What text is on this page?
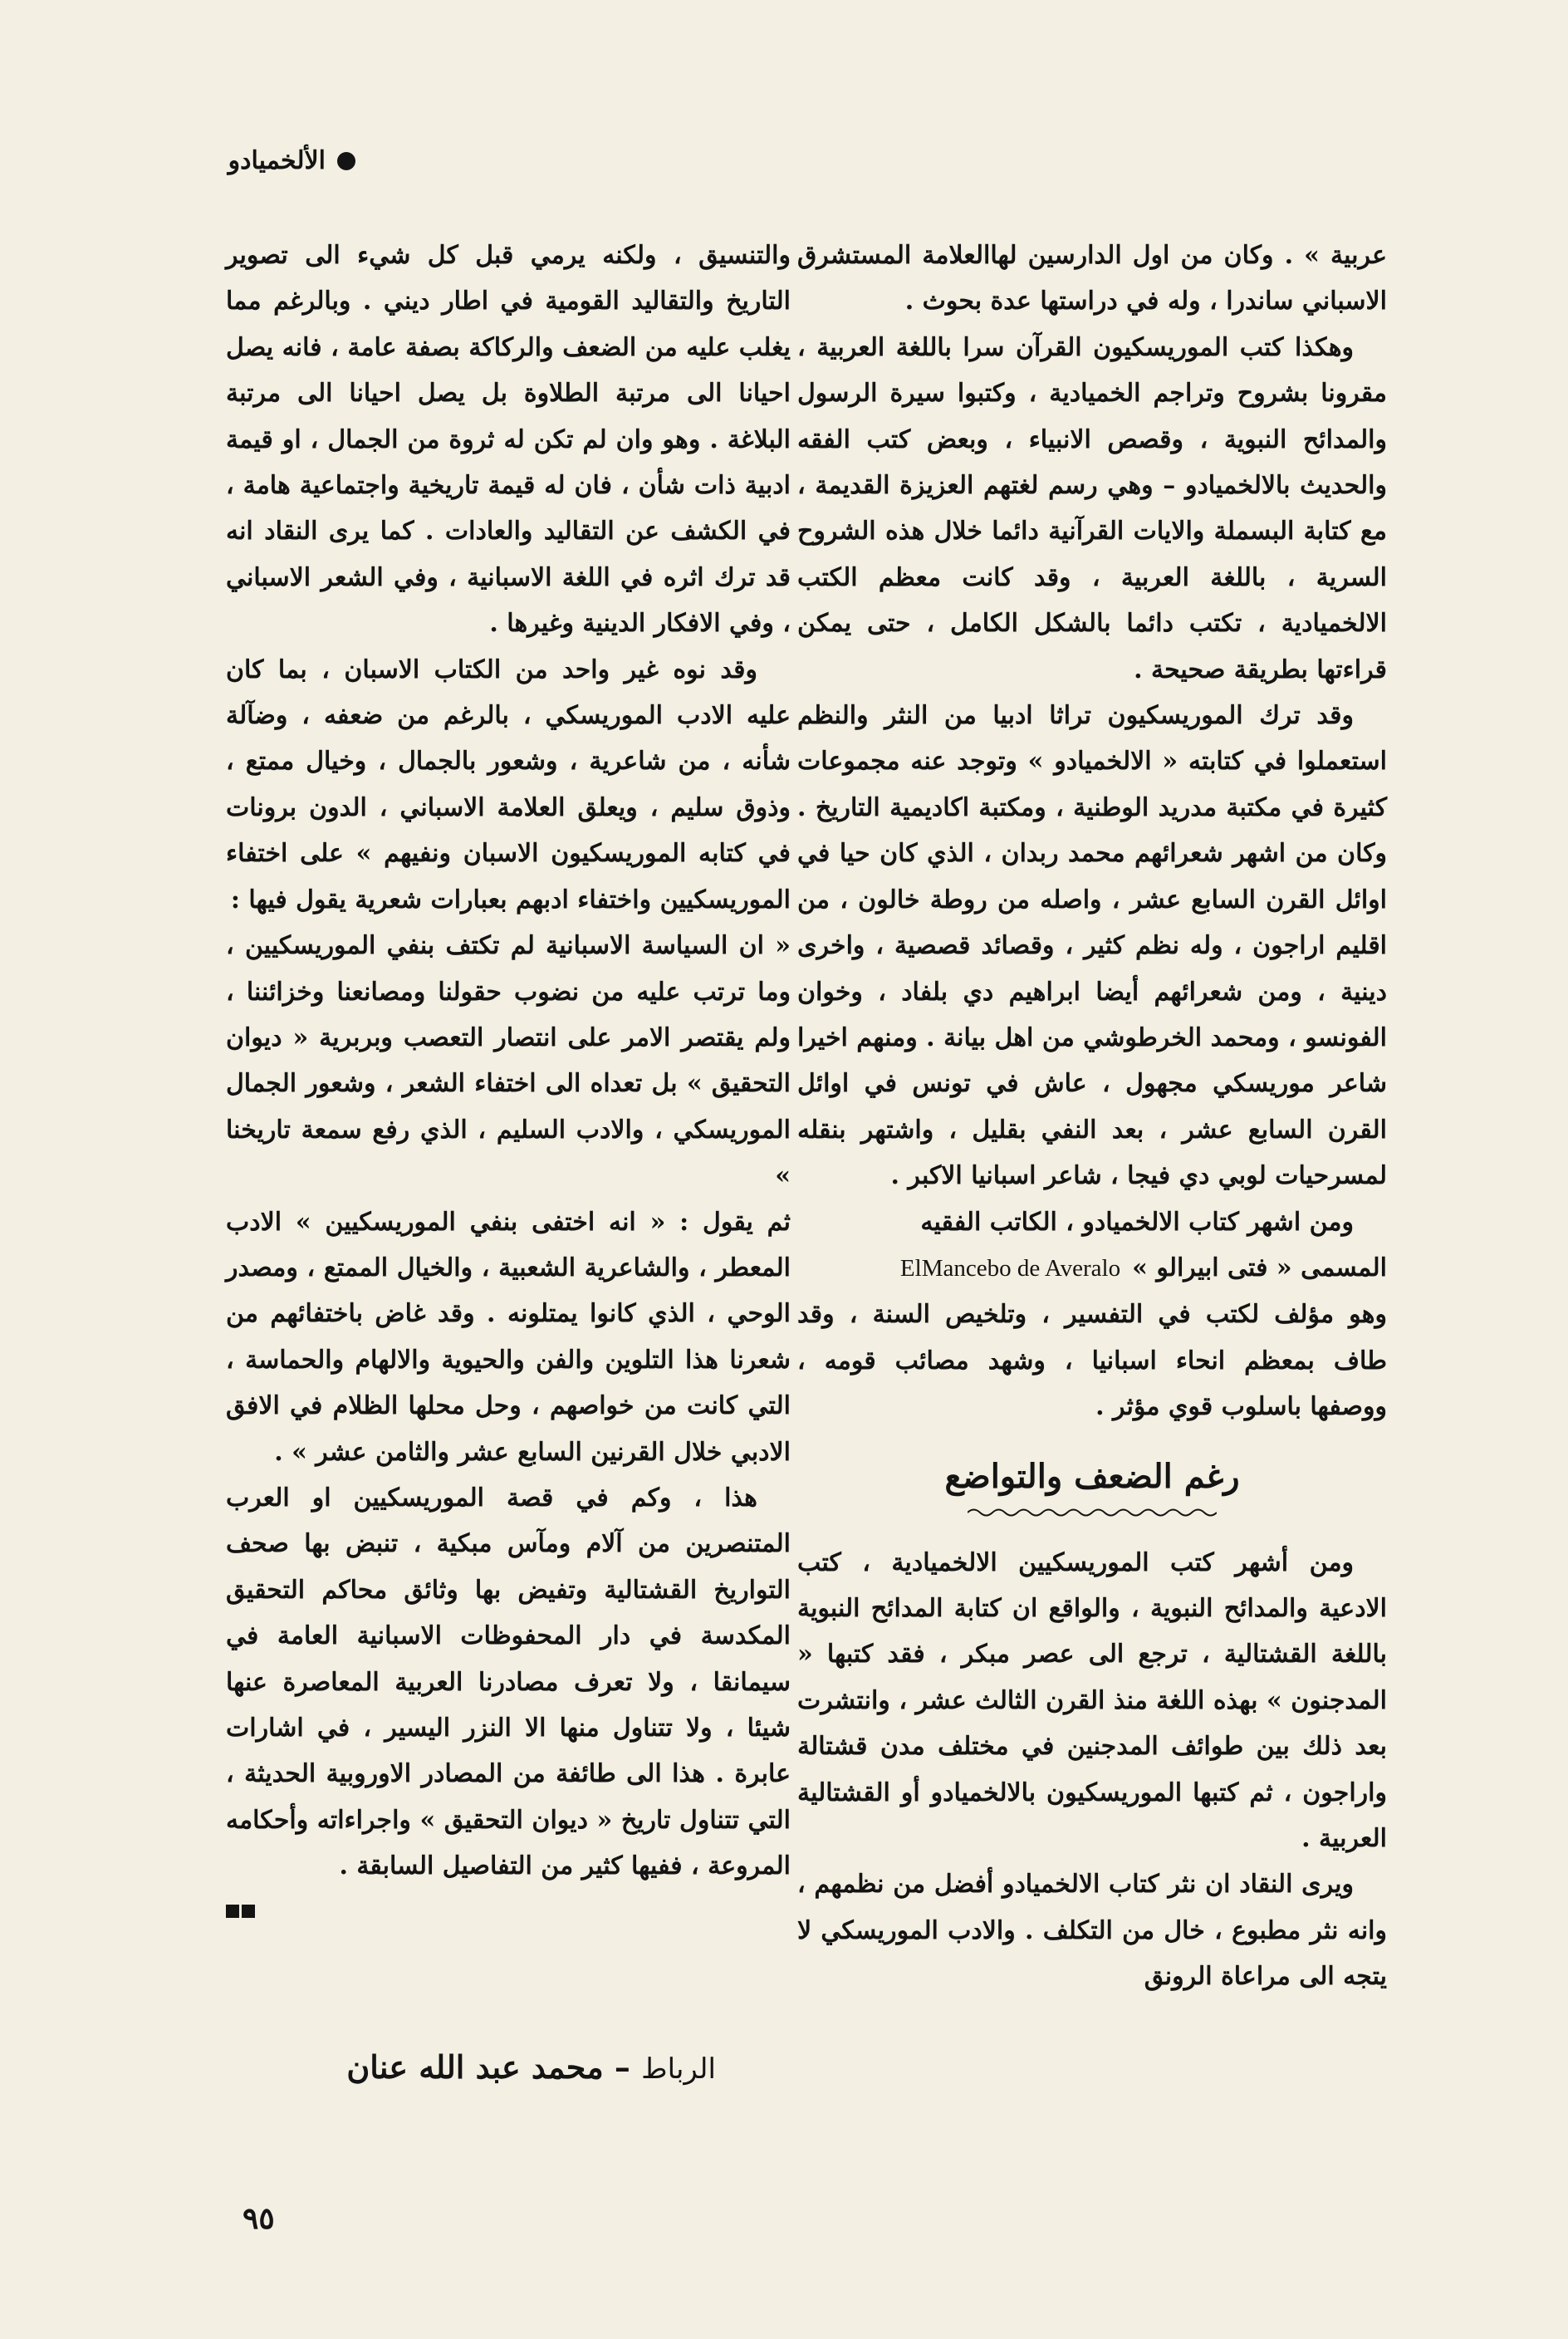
الألخميادو

عربية » . وكان من اول الدارسين لهاالعلامة المستشرق الاسباني ساندرا ، وله في دراستها عدة بحوث .

وهكذا كتب الموريسكيون القرآن سرا باللغة العربية ، مقرونا بشروح وتراجم الخميادية ، وكتبوا سيرة الرسول والمدائح النبوية ، وقصص الانبياء ، وبعض كتب الفقه والحديث بالالخميادو – وهي رسم لغتهم العزيزة القديمة ، مع كتابة البسملة والايات القرآنية دائما خلال هذه الشروح السرية ، باللغة العربية ، وقد كانت معظم الكتب الالخميادية ، تكتب دائما بالشكل الكامل ، حتى يمكن قراءتها بطريقة صحيحة .

وقد ترك الموريسكيون تراثا ادبيا من النثر والنظم استعملوا في كتابته « الالخميادو » وتوجد عنه مجموعات كثيرة في مكتبة مدريد الوطنية ، ومكتبة اكاديمية التاريخ . وكان من اشهر شعرائهم محمد ربدان ، الذي كان حيا في اوائل القرن السابع عشر ، واصله من روطة خالون ، من اقليم اراجون ، وله نظم كثير ، وقصائد قصصية ، واخرى دينية ، ومن شعرائهم أيضا ابراهيم دي بلفاد ، وخوان الفونسو ، ومحمد الخرطوشي من اهل بيانة . ومنهم اخيرا شاعر موريسكي مجهول ، عاش في تونس في اوائل القرن السابع عشر ، بعد النفي بقليل ، واشتهر بنقله لمسرحيات لوبي دي فيجا ، شاعر اسبانيا الاكبر .

ومن اشهر كتاب الالخميادو ، الكاتب الفقيه

المسمى « فتى ابيرالو »
ElMancebo de Averalo

وهو مؤلف لكتب في التفسير ، وتلخيص السنة ، وقد طاف بمعظم انحاء اسبانيا ، وشهد مصائب قومه ، ووصفها باسلوب قوي مؤثر .

رغم الضعف والتواضع

ومن أشهر كتب الموريسكيين الالخميادية ، كتب الادعية والمدائح النبوية ، والواقع ان كتابة المدائح النبوية باللغة القشتالية ، ترجع الى عصر مبكر ، فقد كتبها « المدجنون » بهذه اللغة منذ القرن الثالث عشر ، وانتشرت بعد ذلك بين طوائف المدجنين في مختلف مدن قشتالة واراجون ، ثم كتبها الموريسكيون بالالخميادو أو القشتالية العربية .

ويرى النقاد ان نثر كتاب الالخميادو أفضل من نظمهم ، وانه نثر مطبوع ، خال من التكلف . والادب الموريسكي لا يتجه الى مراعاة الرونق

والتنسيق ، ولكنه يرمي قبل كل شيء الى تصوير التاريخ والتقاليد القومية في اطار ديني . وبالرغم مما يغلب عليه من الضعف والركاكة بصفة عامة ، فانه يصل احيانا الى مرتبة الطلاوة بل يصل احيانا الى مرتبة البلاغة . وهو وان لم تكن له ثروة من الجمال ، او قيمة ادبية ذات شأن ، فان له قيمة تاريخية واجتماعية هامة ، في الكشف عن التقاليد والعادات . كما يرى النقاد انه قد ترك اثره في اللغة الاسبانية ، وفي الشعر الاسباني ، وفي الافكار الدينية وغيرها .

وقد نوه غير واحد من الكتاب الاسبان ، بما كان عليه الادب الموريسكي ، بالرغم من ضعفه ، وضآلة شأنه ، من شاعرية ، وشعور بالجمال ، وخيال ممتع ، وذوق سليم ، ويعلق العلامة الاسباني ، الدون برونات في كتابه الموريسكيون الاسبان ونفيهم » على اختفاء الموريسكيين واختفاء ادبهم بعبارات شعرية يقول فيها :

« ان السياسة الاسبانية لم تكتف بنفي الموريسكيين ، وما ترتب عليه من نضوب حقولنا ومصانعنا وخزائننا ، ولم يقتصر الامر على انتصار التعصب وبربرية « ديوان التحقيق » بل تعداه الى اختفاء الشعر ، وشعور الجمال الموريسكي ، والادب السليم ، الذي رفع سمعة تاريخنا »

ثم يقول : « انه اختفى بنفي الموريسكيين » الادب المعطر ، والشاعرية الشعبية ، والخيال الممتع ، ومصدر الوحي ، الذي كانوا يمتلونه . وقد غاض باختفائهم من شعرنا هذا التلوين والفن والحيوية والالهام والحماسة ، التي كانت من خواصهم ، وحل محلها الظلام في الافق الادبي خلال القرنين السابع عشر والثامن عشر » .

هذا ، وكم في قصة الموريسكيين او العرب المتنصرين من آلام ومآس مبكية ، تنبض بها صحف التواريخ القشتالية وتفيض بها وثائق محاكم التحقيق المكدسة في دار المحفوظات الاسبانية العامة في سيمانقا ، ولا تعرف مصادرنا العربية المعاصرة عنها شيئا ، ولا تتناول منها الا النزر اليسير ، في اشارات عابرة . هذا الى طائفة من المصادر الاوروبية الحديثة ، التي تتناول تاريخ « ديوان التحقيق » واجراءاته وأحكامه المروعة ، ففيها كثير من التفاصيل السابقة .

الرباط – محمد عبد الله عنان
٩٥
